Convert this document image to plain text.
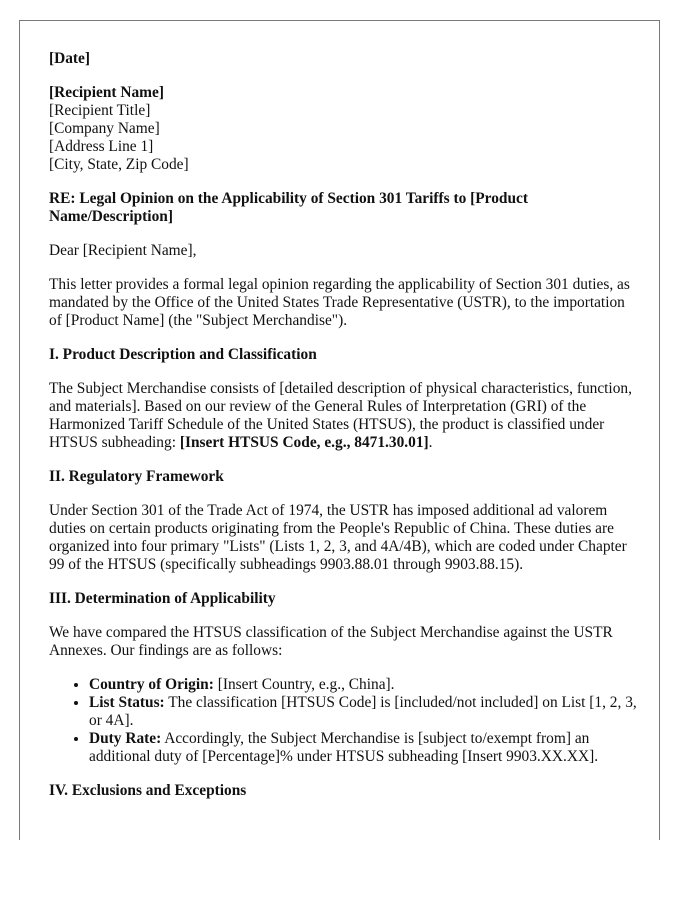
[Date]
[Recipient Name]
[Recipient Title]
[Company Name]
[Address Line 1]
[City, State, Zip Code]

RE: Legal Opinion on the Applicability of Section 301 Tariffs to [Product Name/Description]

Dear [Recipient Name],

This letter provides a formal legal opinion regarding the applicability of Section 301 duties, as mandated by the Office of the United States Trade Representative (USTR), to the importation of [Product Name] (the "Subject Merchandise").

I. Product Description and Classification

The Subject Merchandise consists of [detailed description of physical characteristics, function, and materials]. Based on our review of the General Rules of Interpretation (GRI) of the Harmonized Tariff Schedule of the United States (HTSUS), the product is classified under HTSUS subheading: [Insert HTSUS Code, e.g., 8471.30.01].

II. Regulatory Framework

Under Section 301 of the Trade Act of 1974, the USTR has imposed additional ad valorem duties on certain products originating from the People's Republic of China. These duties are organized into four primary "Lists" (Lists 1, 2, 3, and 4A/4B), which are coded under Chapter 99 of the HTSUS (specifically subheadings 9903.88.01 through 9903.88.15).

III. Determination of Applicability

We have compared the HTSUS classification of the Subject Merchandise against the USTR Annexes. Our findings are as follows:

• Country of Origin: [Insert Country, e.g., China].
• List Status: The classification [HTSUS Code] is [included/not included] on List [1, 2, 3, or 4A].
• Duty Rate: Accordingly, the Subject Merchandise is [subject to/exempt from] an additional duty of [Percentage]% under HTSUS subheading [Insert 9903.XX.XX].
IV. Exclusions and Exceptions
